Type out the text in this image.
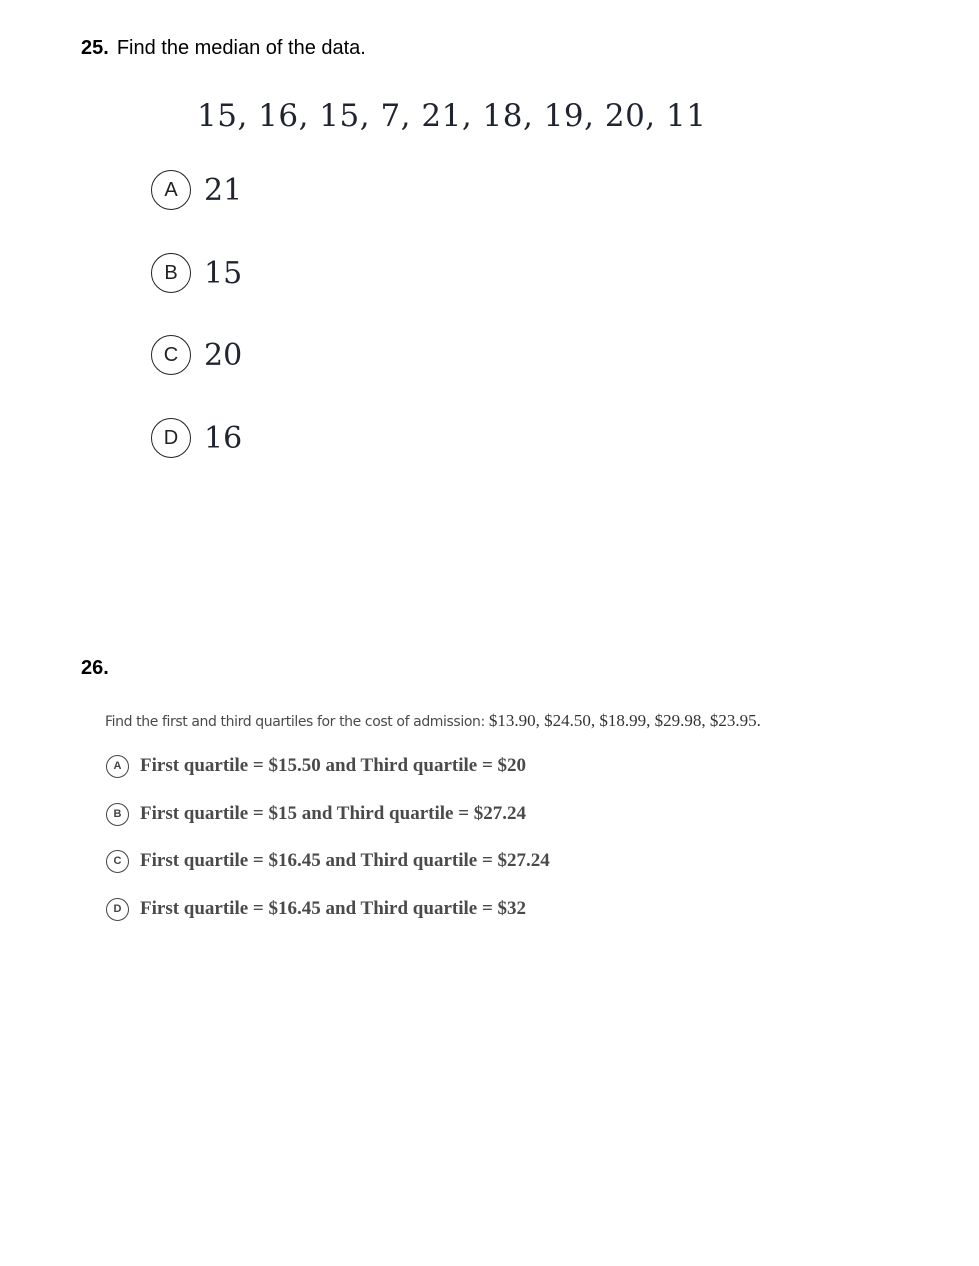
25. Find the median of the data.
15, 16, 15, 7, 21, 18, 19, 20, 11
A 21
B 15
C 20
D 16
26.
Find the first and third quartiles for the cost of admission: $13.90, $24.50, $18.99, $29.98, $23.95.
A First quartile = $15.50 and Third quartile = $20
B First quartile = $15 and Third quartile = $27.24
C First quartile = $16.45 and Third quartile = $27.24
D First quartile = $16.45 and Third quartile = $32
